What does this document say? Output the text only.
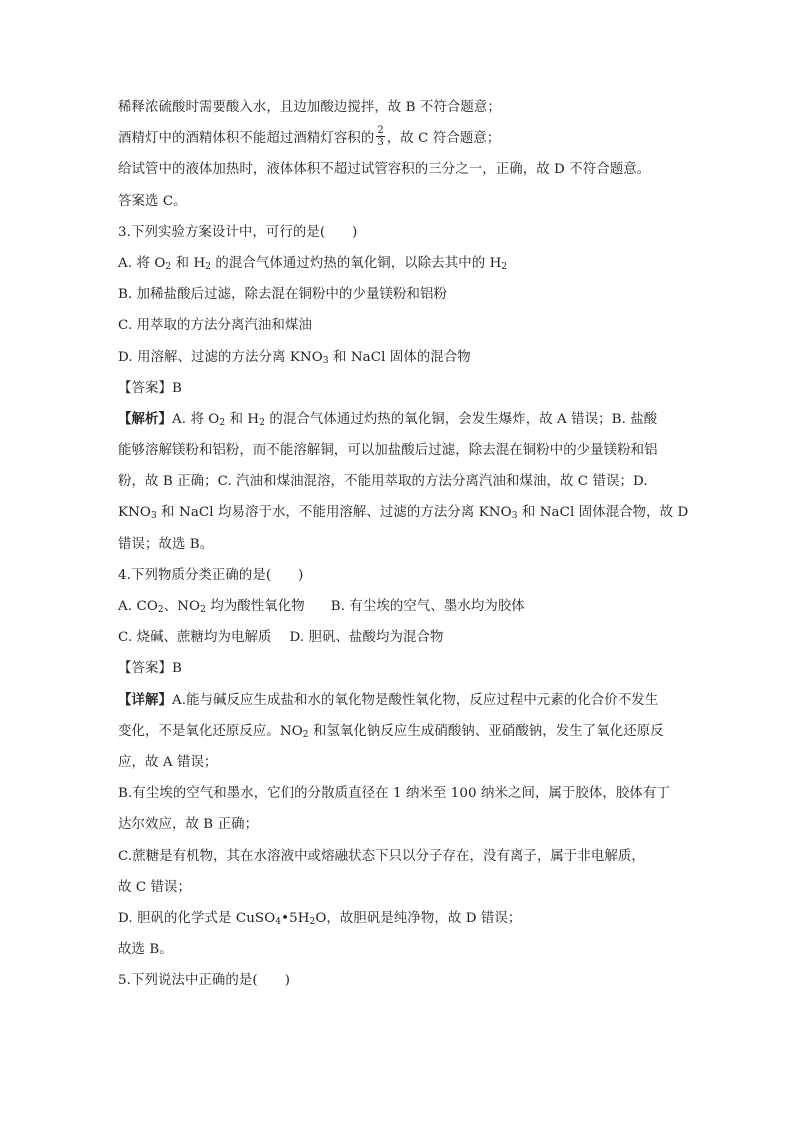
稀释浓硫酸时需要酸入水，且边加酸边搅拌，故 B 不符合题意；
酒精灯中的酒精体积不能超过酒精灯容积的 $\frac{2}{3}$ ，故 C 符合题意；
给试管中的液体加热时，液体体积不超过试管容积的三分之一，正确，故 D 不符合题意。
答案选 C。
3.下列实验方案设计中，可行的是(　　)
A. 将 $O_2$ 和 $H_2$ 的混合气体通过灼热的氧化铜，以除去其中的 $H_2$
B. 加稀盐酸后过滤，除去混在铜粉中的少量镁粉和铝粉
C. 用萃取的方法分离汽油和煤油
D. 用溶解、过滤的方法分离 $KNO_3$ 和 NaCl 固体的混合物
【答案】B
【解析】A. 将 $O_2$ 和 $H_2$ 的混合气体通过灼热的氧化铜，会发生爆炸，故 A 错误；B. 盐酸
能够溶解镁粉和铝粉，而不能溶解铜，可以加盐酸后过滤，除去混在铜粉中的少量镁粉和铝
粉，故 B 正确；C. 汽油和煤油混溶，不能用萃取的方法分离汽油和煤油，故 C 错误；D.
$KNO_3$ 和 NaCl 均易溶于水，不能用溶解、过滤的方法分离 $KNO_3$ 和 NaCl 固体混合物，故 D
错误；故选 B。
4.下列物质分类正确的是(　　)
A. $CO_2$、$NO_2$ 均为酸性氧化物 B. 有尘埃的空气、墨水均为胶体
C. 烧碱、蔗糖均为电解质 D. 胆矾、盐酸均为混合物
【答案】B
【详解】A.能与碱反应生成盐和水的氧化物是酸性氧化物，反应过程中元素的化合价不发生
变化，不是氧化还原反应。$NO_2$ 和氢氧化钠反应生成硝酸钠、亚硝酸钠，发生了氧化还原反
应，故 A 错误；
B.有尘埃的空气和墨水，它们的分散质直径在 1 纳米至 100 纳米之间，属于胶体，胶体有丁
达尔效应，故 B 正确；
C.蔗糖是有机物，其在水溶液中或熔融状态下只以分子存在，没有离子，属于非电解质，
故 C 错误；
D. 胆矾的化学式是 $CuSO_4•5H_2O$，故胆矾是纯净物，故 D 错误；
故选 B。
5.下列说法中正确的是(　　)
